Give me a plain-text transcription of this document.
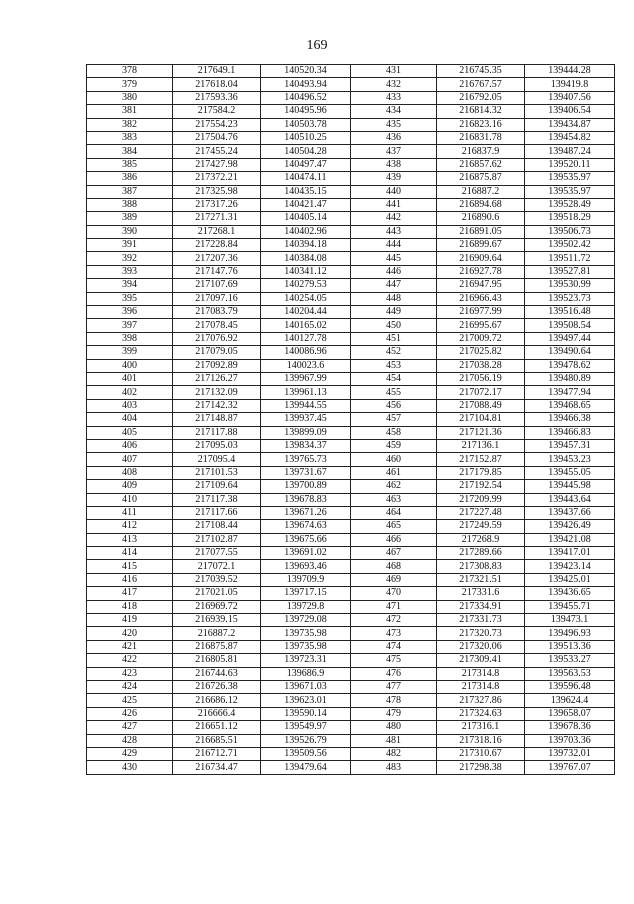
169
378	217649.1	140520.34	431	216745.35	139444.28
379	217618.04	140493.94	432	216767.57	139419.8
380	217593.36	140496.52	433	216792.05	139407.56
381	217584.2	140495.96	434	216814.32	139406.54
382	217554.23	140503.78	435	216823.16	139434.87
383	217504.76	140510.25	436	216831.78	139454.82
384	217455.24	140504.28	437	216837.9	139487.24
385	217427.98	140497.47	438	216857.62	139520.11
386	217372.21	140474.11	439	216875.87	139535.97
387	217325.98	140435.15	440	216887.2	139535.97
388	217317.26	140421.47	441	216894.68	139528.49
389	217271.31	140405.14	442	216890.6	139518.29
390	217268.1	140402.96	443	216891.05	139506.73
391	217228.84	140394.18	444	216899.67	139502.42
392	217207.36	140384.08	445	216909.64	139511.72
393	217147.76	140341.12	446	216927.78	139527.81
394	217107.69	140279.53	447	216947.95	139530.99
395	217097.16	140254.05	448	216966.43	139523.73
396	217083.79	140204.44	449	216977.99	139516.48
397	217078.45	140165.02	450	216995.67	139508.54
398	217076.92	140127.78	451	217009.72	139497.44
399	217079.05	140086.96	452	217025.82	139490.64
400	217092.89	140023.6	453	217038.28	139478.62
401	217126.27	139967.99	454	217056.19	139480.89
402	217132.09	139961.13	455	217072.17	139477.94
403	217142.32	139944.55	456	217088.49	139468.65
404	217148.87	139937.45	457	217104.81	139466.38
405	217117.88	139899.09	458	217121.36	139466.83
406	217095.03	139834.37	459	217136.1	139457.31
407	217095.4	139765.73	460	217152.87	139453.23
408	217101.53	139731.67	461	217179.85	139455.05
409	217109.64	139700.89	462	217192.54	139445.98
410	217117.38	139678.83	463	217209.99	139443.64
411	217117.66	139671.26	464	217227.48	139437.66
412	217108.44	139674.63	465	217249.59	139426.49
413	217102.87	139675.66	466	217268.9	139421.08
414	217077.55	139691.02	467	217289.66	139417.01
415	217072.1	139693.46	468	217308.83	139423.14
416	217039.52	139709.9	469	217321.51	139425.01
417	217021.05	139717.15	470	217331.6	139436.65
418	216969.72	139729.8	471	217334.91	139455.71
419	216939.15	139729.08	472	217331.73	139473.1
420	216887.2	139735.98	473	217320.73	139496.93
421	216875.87	139735.98	474	217320.06	139513.36
422	216805.81	139723.31	475	217309.41	139533.27
423	216744.63	139686.9	476	217314.8	139563.53
424	216726.38	139671.03	477	217314.8	139596.48
425	216686.12	139623.01	478	217327.86	139624.4
426	216666.4	139590.14	479	217324.63	139658.07
427	216651.12	139549.97	480	217316.1	139678.36
428	216685.51	139526.79	481	217318.16	139703.36
429	216712.71	139509.56	482	217310.67	139732.01
430	216734.47	139479.64	483	217298.38	139767.07
